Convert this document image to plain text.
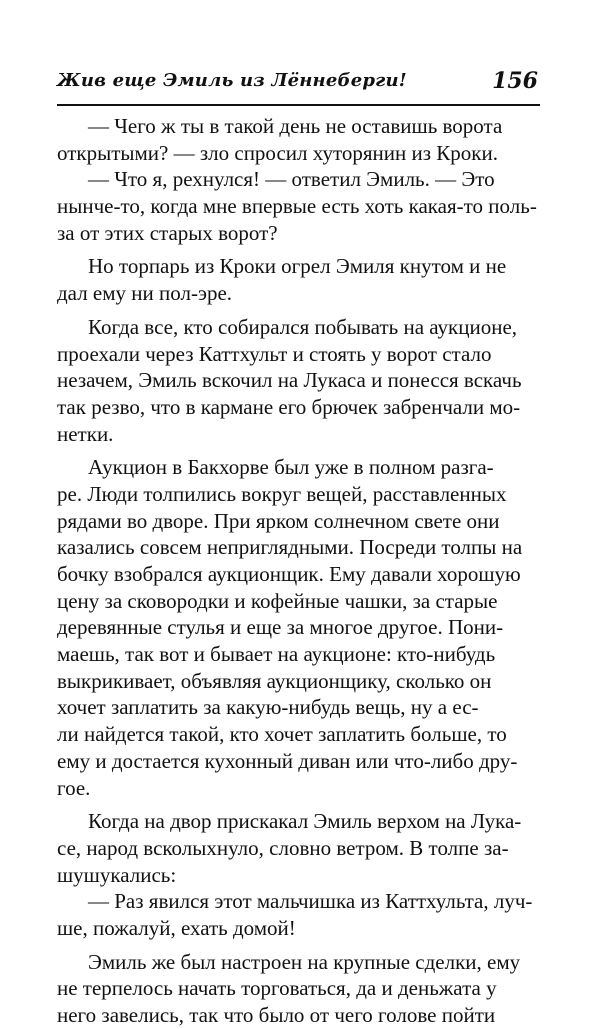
Жив еще Эмиль из Лённеберги!	156
— Чего ж ты в такой день не оставишь ворота
открытыми? — зло спросил хуторянин из Кроки.
— Что я, рехнулся! — ответил Эмиль. — Это
нынче-то, когда мне впервые есть хоть какая-то поль-
за от этих старых ворот?
Но торпарь из Кроки огрел Эмиля кнутом и не
дал ему ни пол-эре.
Когда все, кто собирался побывать на аукционе,
проехали через Каттхульт и стоять у ворот стало
незачем, Эмиль вскочил на Лукаса и понесся вскачь
так резво, что в кармане его брючек забренчали мо-
нетки.
Аукцион в Бакхорве был уже в полном разга-
ре. Люди толпились вокруг вещей, расставленных
рядами во дворе. При ярком солнечном свете они
казались совсем неприглядными. Посреди толпы на
бочку взобрался аукционщик. Ему давали хорошую
цену за сковородки и кофейные чашки, за старые
деревянные стулья и еще за многое другое. Пони-
маешь, так вот и бывает на аукционе: кто-нибудь
выкрикивает, объявляя аукционщику, сколько он
хочет заплатить за какую-нибудь вещь, ну а ес-
ли найдется такой, кто хочет заплатить больше, то
ему и достается кухонный диван или что-либо дру-
гое.
Когда на двор прискакал Эмиль верхом на Лука-
се, народ всколыхнуло, словно ветром. В толпе за-
шушукались:
— Раз явился этот мальчишка из Каттхульта, луч-
ше, пожалуй, ехать домой!
Эмиль же был настроен на крупные сделки, ему
не терпелось начать торговаться, да и деньжата у
него завелись, так что было от чего голове пойти
